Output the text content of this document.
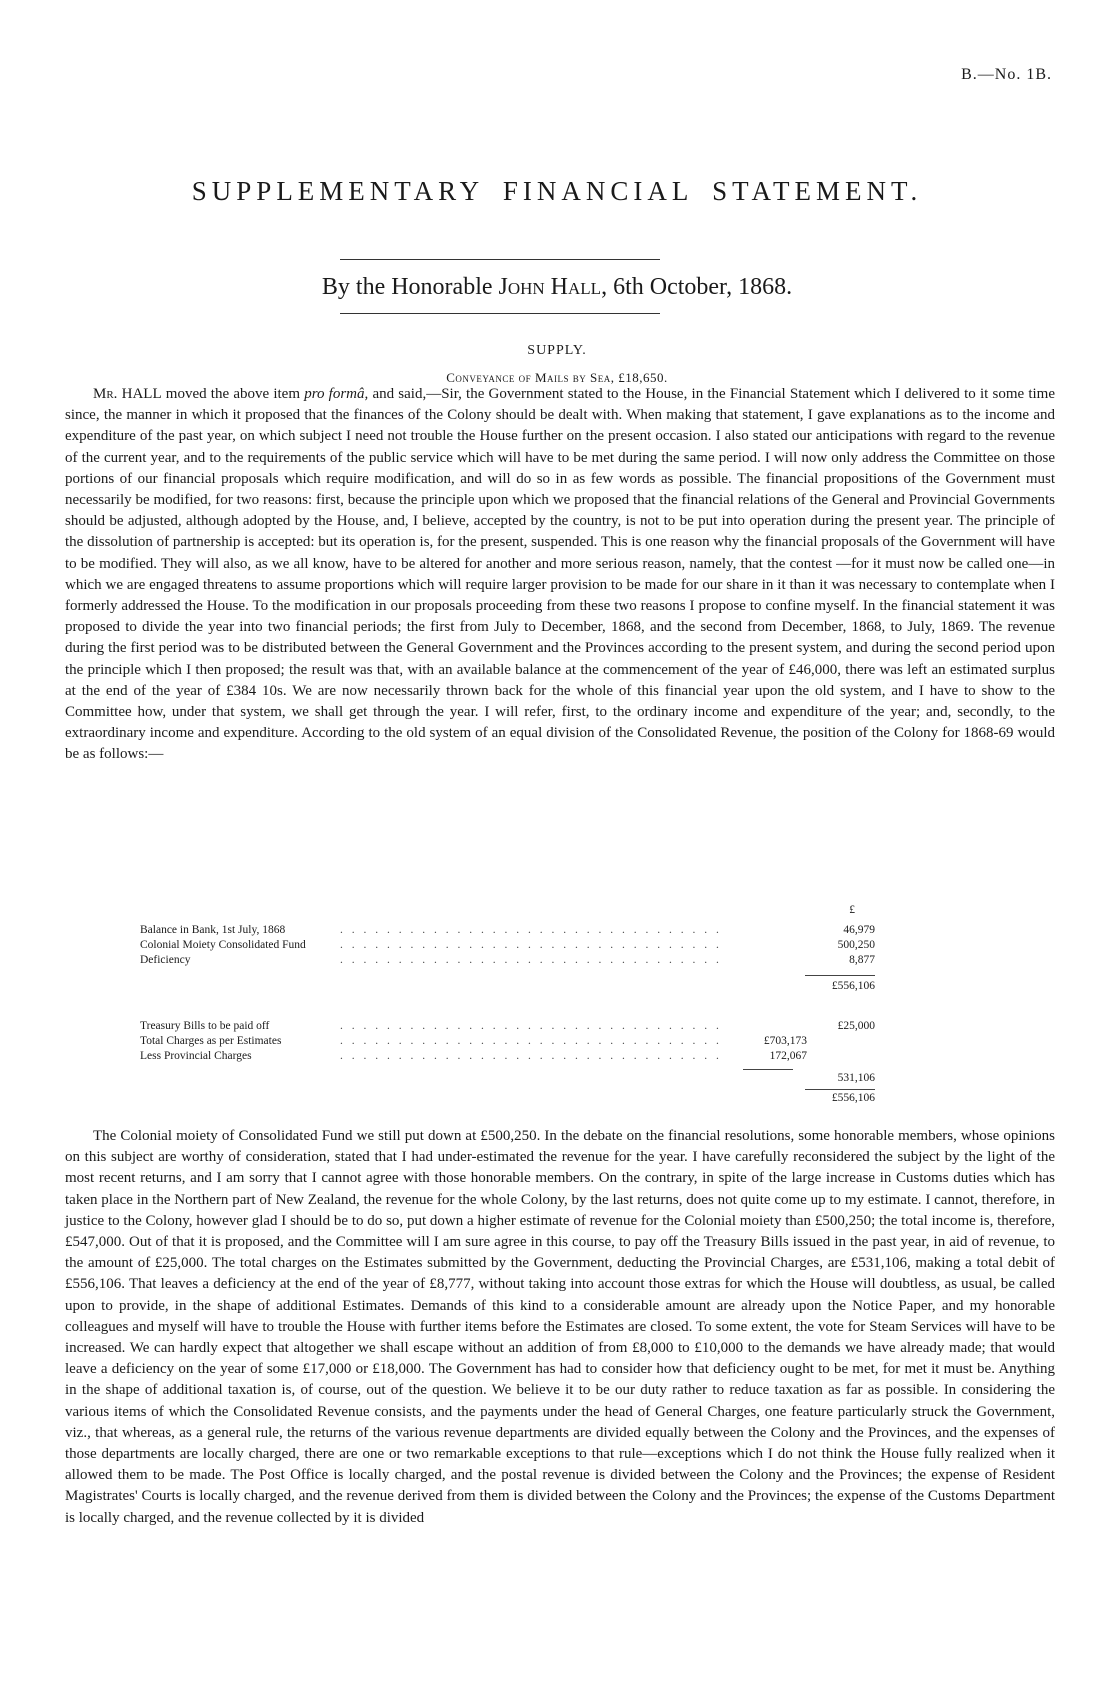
B.—No. 1B.
SUPPLEMENTARY FINANCIAL STATEMENT.
By the Honorable John Hall, 6th October, 1868.
SUPPLY.
Conveyance of Mails by Sea, £18,650.

Mr. HALL moved the above item pro formâ, and said,—Sir, the Government stated to the House, in the Financial Statement which I delivered to it some time since, the manner in which it proposed that the finances of the Colony should be dealt with. When making that statement, I gave explanations as to the income and expenditure of the past year, on which subject I need not trouble the House further on the present occasion. I also stated our anticipations with regard to the revenue of the current year, and to the requirements of the public service which will have to be met during the same period. I will now only address the Committee on those portions of our financial proposals which require modification, and will do so in as few words as possible. The financial propositions of the Government must necessarily be modified, for two reasons: first, because the principle upon which we proposed that the financial relations of the General and Provincial Governments should be adjusted, although adopted by the House, and, I believe, accepted by the country, is not to be put into operation during the present year. The principle of the dissolution of partnership is accepted: but its operation is, for the present, suspended. This is one reason why the financial proposals of the Government will have to be modified. They will also, as we all know, have to be altered for another and more serious reason, namely, that the contest —for it must now be called one—in which we are engaged threatens to assume proportions which will require larger provision to be made for our share in it than it was necessary to contemplate when I formerly addressed the House. To the modification in our proposals proceeding from these two reasons I propose to confine myself. In the financial statement it was proposed to divide the year into two financial periods; the first from July to December, 1868, and the second from December, 1868, to July, 1869. The revenue during the first period was to be distributed between the General Government and the Provinces according to the present system, and during the second period upon the principle which I then proposed; the result was that, with an available balance at the commencement of the year of £46,000, there was left an estimated surplus at the end of the year of £384 10s. We are now necessarily thrown back for the whole of this financial year upon the old system, and I have to show to the Committee how, under that system, we shall get through the year. I will refer, first, to the ordinary income and expenditure of the year; and, secondly, to the extraordinary income and expenditure. According to the old system of an equal division of the Consolidated Revenue, the position of the Colony for 1868-69 would be as follows:—

£
Balance in Bank, 1st July, 1868	. . . . . . . . . . . . . . . . . . . . . . . . . . . . . . . . .	46,979
Colonial Moiety Consolidated Fund	. . . . . . . . . . . . . . . . . . . . . . . . . . . . . . . . .	500,250
Deficiency	. . . . . . . . . . . . . . . . . . . . . . . . . . . . . . . . .	8,877
£556,106
Treasury Bills to be paid off	. . . . . . . . . . . . . . . . . . . . . . . . . . . . . . . . .	£25,000
Total Charges as per Estimates	. . . . . . . . . . . . . . . . . . . . . . . . . . . . . . . . .	£703,173
Less Provincial Charges	. . . . . . . . . . . . . . . . . . . . . . . . . . . . . . . . .	172,067
531,106
£556,106

The Colonial moiety of Consolidated Fund we still put down at £500,250. In the debate on the financial resolutions, some honorable members, whose opinions on this subject are worthy of consideration, stated that I had under-estimated the revenue for the year. I have carefully reconsidered the subject by the light of the most recent returns, and I am sorry that I cannot agree with those honorable members. On the contrary, in spite of the large increase in Customs duties which has taken place in the Northern part of New Zealand, the revenue for the whole Colony, by the last returns, does not quite come up to my estimate. I cannot, therefore, in justice to the Colony, however glad I should be to do so, put down a higher estimate of revenue for the Colonial moiety than £500,250; the total income is, therefore, £547,000. Out of that it is proposed, and the Committee will I am sure agree in this course, to pay off the Treasury Bills issued in the past year, in aid of revenue, to the amount of £25,000. The total charges on the Estimates submitted by the Government, deducting the Provincial Charges, are £531,106, making a total debit of £556,106. That leaves a deficiency at the end of the year of £8,777, without taking into account those extras for which the House will doubtless, as usual, be called upon to provide, in the shape of additional Estimates. Demands of this kind to a considerable amount are already upon the Notice Paper, and my honorable colleagues and myself will have to trouble the House with further items before the Estimates are closed. To some extent, the vote for Steam Services will have to be increased. We can hardly expect that altogether we shall escape without an addition of from £8,000 to £10,000 to the demands we have already made; that would leave a deficiency on the year of some £17,000 or £18,000. The Government has had to consider how that deficiency ought to be met, for met it must be. Anything in the shape of additional taxation is, of course, out of the question. We believe it to be our duty rather to reduce taxation as far as possible. In considering the various items of which the Consolidated Revenue consists, and the payments under the head of General Charges, one feature particularly struck the Government, viz., that whereas, as a general rule, the returns of the various revenue departments are divided equally between the Colony and the Provinces, and the expenses of those departments are locally charged, there are one or two remarkable exceptions to that rule—exceptions which I do not think the House fully realized when it allowed them to be made. The Post Office is locally charged, and the postal revenue is divided between the Colony and the Provinces; the expense of Resident Magistrates' Courts is locally charged, and the revenue derived from them is divided between the Colony and the Provinces; the expense of the Customs Department is locally charged, and the revenue collected by it is divided
